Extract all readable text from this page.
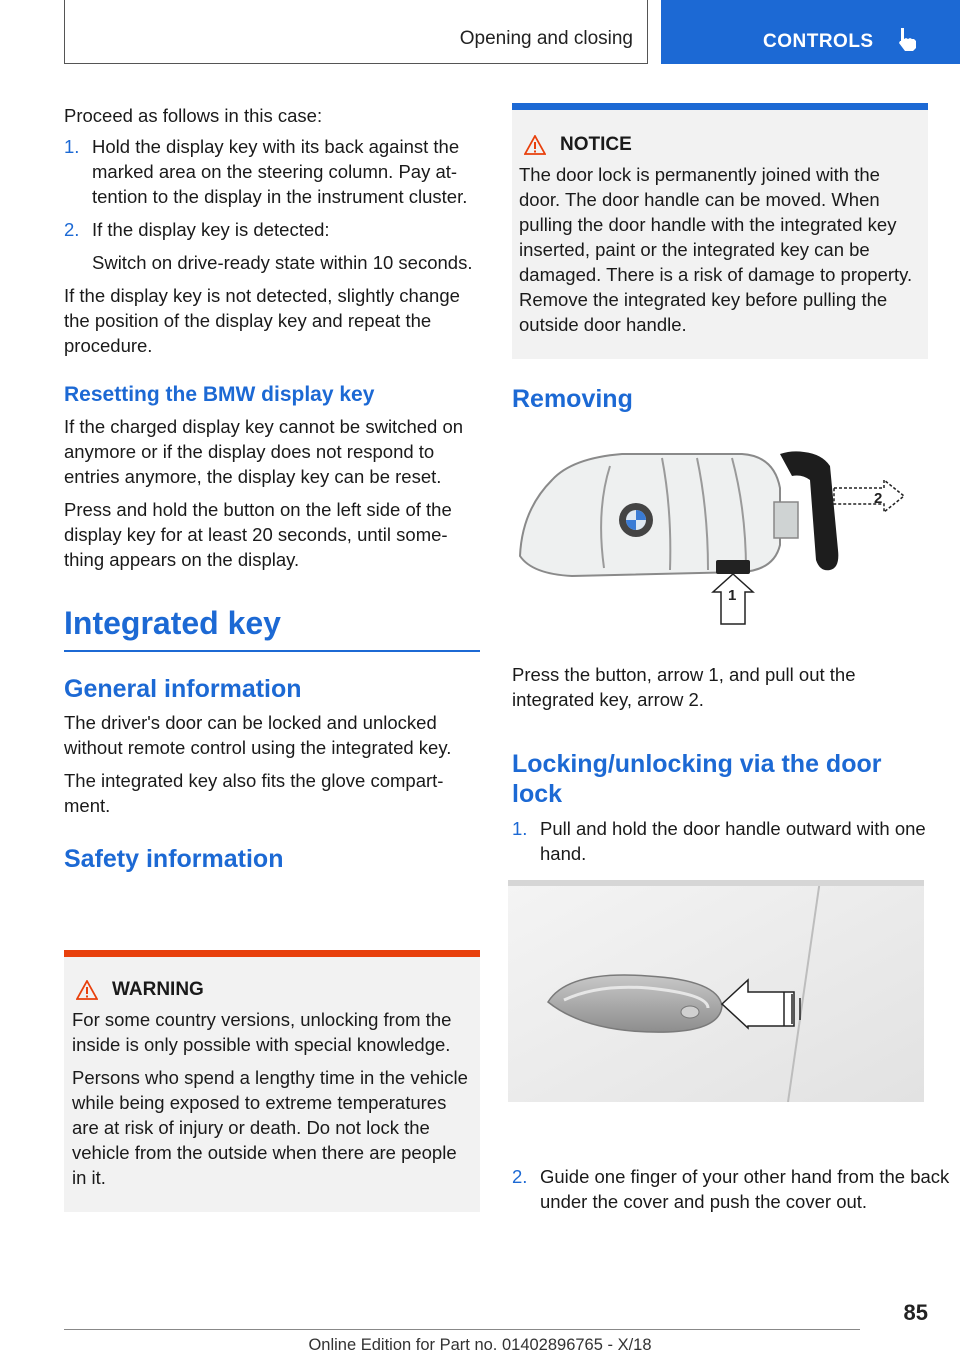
Opening and closing	CONTROLS

Proceed as follows in this case:

1. Hold the display key with its back against the marked area on the steering column. Pay attention to the display in the instrument cluster.
2. If the display key is detected:
Switch on drive-ready state within 10 seconds.

If the display key is not detected, slightly change the position of the display key and repeat the procedure.

Resetting the BMW display key

If the charged display key cannot be switched on anymore or if the display does not respond to entries anymore, the display key can be reset.

Press and hold the button on the left side of the display key for at least 20 seconds, until something appears on the display.

Integrated key
General information

The driver's door can be locked and unlocked without remote control using the integrated key.

The integrated key also fits the glove compartment.

Safety information
WARNING

For some country versions, unlocking from the inside is only possible with special knowledge.

Persons who spend a lengthy time in the vehicle while being exposed to extreme temperatures are at risk of injury or death. Do not lock the vehicle from the outside when there are people in it.

NOTICE

The door lock is permanently joined with the door. The door handle can be moved. When pulling the door handle with the integrated key inserted, paint or the integrated key can be damaged. There is a risk of damage to property. Remove the integrated key before pulling the outside door handle.

Removing
2
1

Press the button, arrow 1, and pull out the integrated key, arrow 2.

Locking/unlocking via the door lock
1. Pull and hold the door handle outward with one hand.
2. Guide one finger of your other hand from the back under the cover and push the cover out.
85
Online Edition for Part no. 01402896765 - X/18
